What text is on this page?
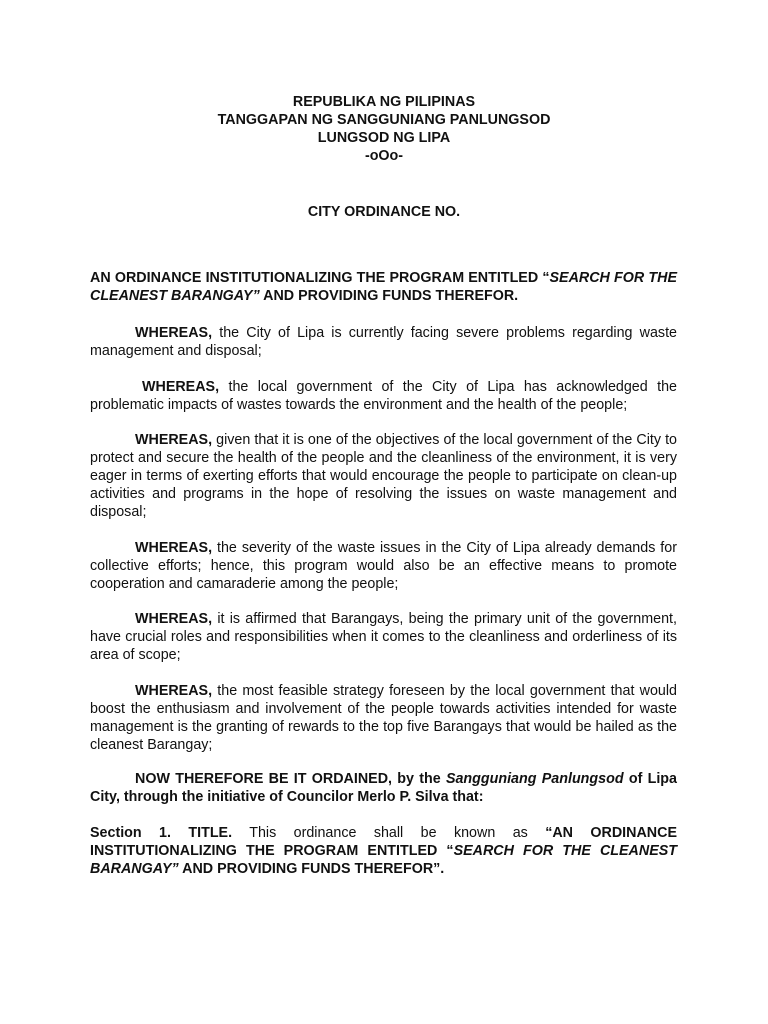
REPUBLIKA NG PILIPINAS
TANGGAPAN NG SANGGUNIANG PANLUNGSOD
LUNGSOD NG LIPA
-oOo-
CITY ORDINANCE NO.
AN ORDINANCE INSTITUTIONALIZING THE PROGRAM ENTITLED “SEARCH FOR THE CLEANEST BARANGAY” AND PROVIDING FUNDS THEREFOR.
WHEREAS, the City of Lipa is currently facing severe problems regarding waste management and disposal;
WHEREAS, the local government of the City of Lipa has acknowledged the problematic impacts of wastes towards the environment and the health of the people;
WHEREAS, given that it is one of the objectives of the local government of the City to protect and secure the health of the people and the cleanliness of the environment, it is very eager in terms of exerting efforts that would encourage the people to participate on clean-up activities and programs in the hope of resolving the issues on waste management and disposal;
WHEREAS, the severity of the waste issues in the City of Lipa already demands for collective efforts; hence, this program would also be an effective means to promote cooperation and camaraderie among the people;
WHEREAS, it is affirmed that Barangays, being the primary unit of the government, have crucial roles and responsibilities when it comes to the cleanliness and orderliness of its area of scope;
WHEREAS, the most feasible strategy foreseen by the local government that would boost the enthusiasm and involvement of the people towards activities intended for waste management is the granting of rewards to the top five Barangays that would be hailed as the cleanest Barangay;
NOW THEREFORE BE IT ORDAINED, by the Sangguniang Panlungsod of Lipa City, through the initiative of Councilor Merlo P. Silva that:
Section 1. TITLE. This ordinance shall be known as “AN ORDINANCE INSTITUTIONALIZING THE PROGRAM ENTITLED “SEARCH FOR THE CLEANEST BARANGAY” AND PROVIDING FUNDS THEREFOR”.
